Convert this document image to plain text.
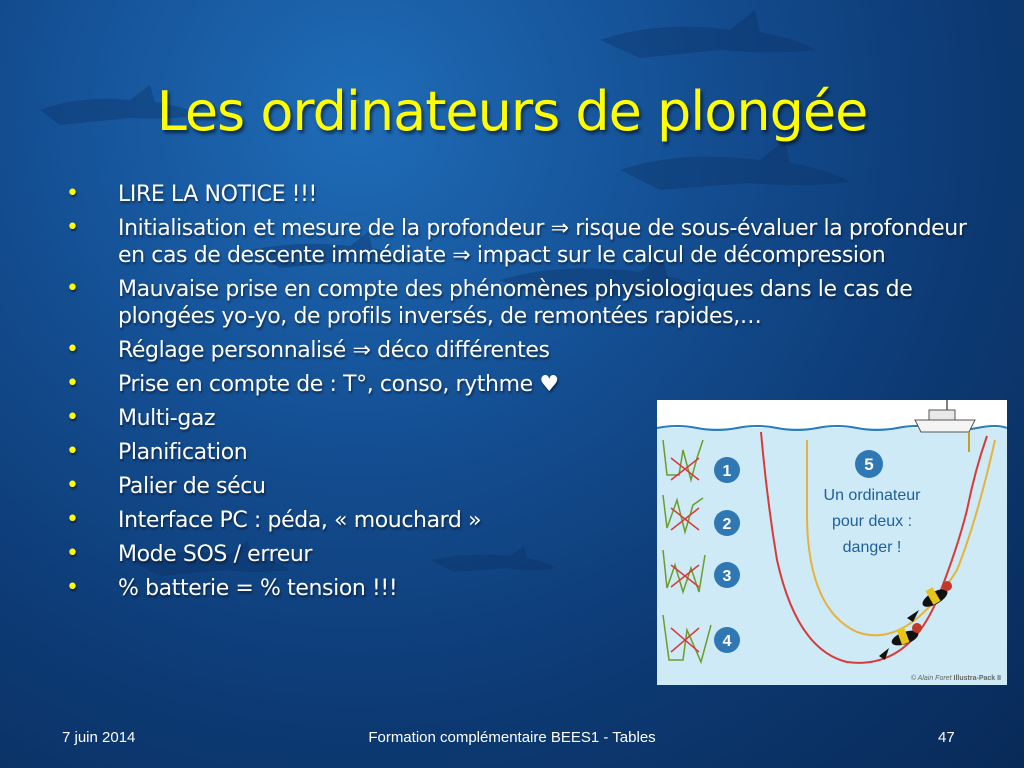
Les ordinateurs de plongée
• LIRE LA NOTICE !!!
• Initialisation et mesure de la profondeur ⇒ risque de sous-évaluer la profondeur en cas de descente immédiate ⇒ impact sur le calcul de décompression
• Mauvaise prise en compte des phénomènes physiologiques dans le cas de plongées yo-yo, de profils inversés, de remontées rapides,…
• Réglage personnalisé ⇒ déco différentes
• Prise en compte de : T°, conso, rythme ♥
• Multi-gaz
• Planification
• Palier de sécu
• Interface PC : péda, « mouchard »
• Mode SOS / erreur
• % batterie = % tension !!!
1
2
3
4
5
Un ordinateur
pour deux :
danger !
© Alain Foret Illustra-Pack II
7 juin 2014	Formation complémentaire BEES1 - Tables	47
